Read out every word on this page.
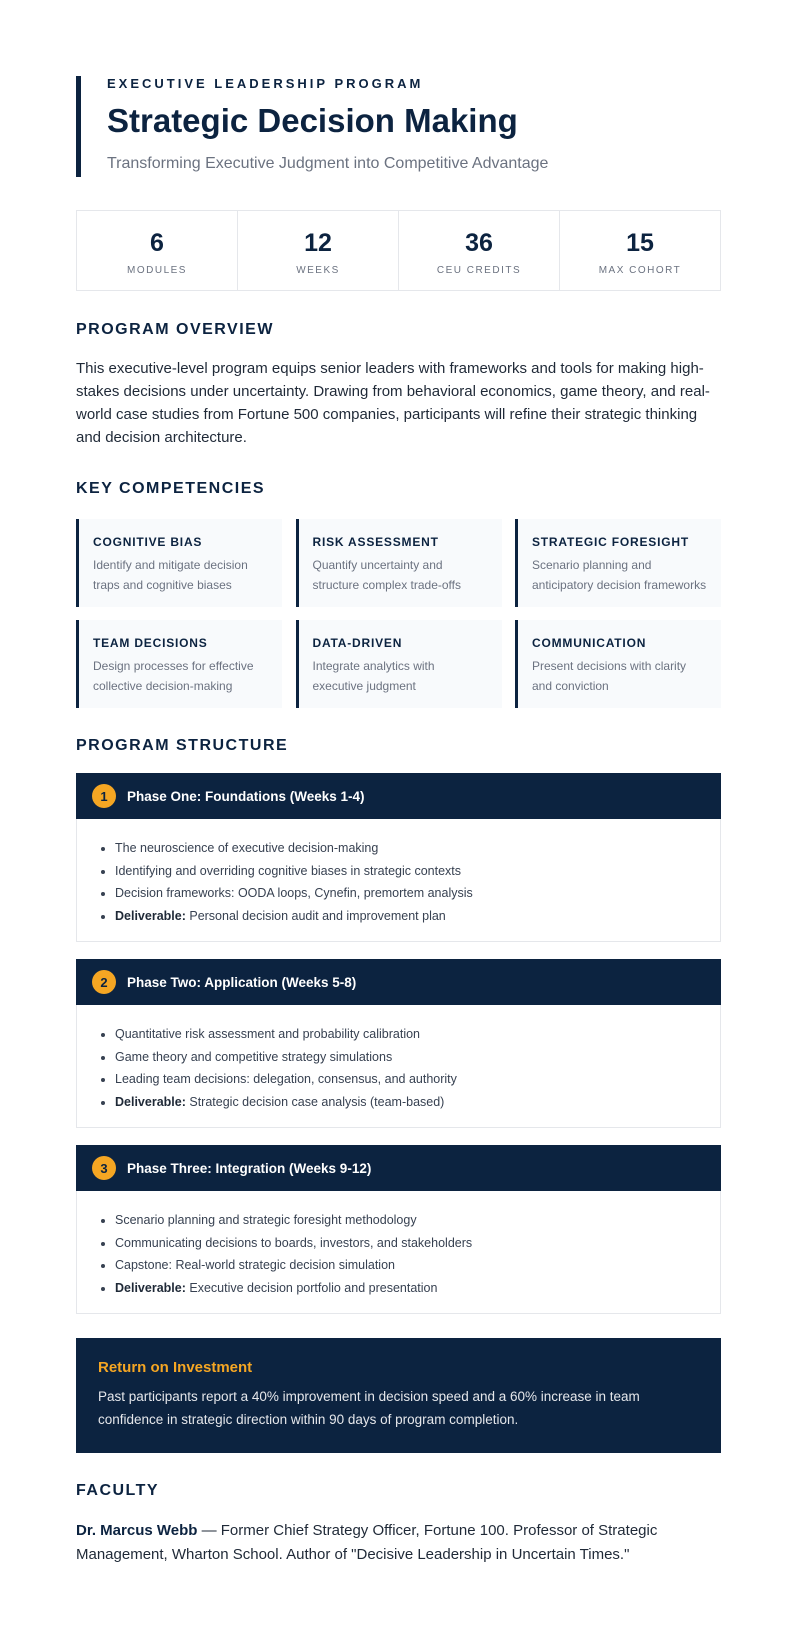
EXECUTIVE LEADERSHIP PROGRAM
Strategic Decision Making
Transforming Executive Judgment into Competitive Advantage
6
MODULES
12
WEEKS
36
CEU CREDITS
15
MAX COHORT
PROGRAM OVERVIEW

This executive-level program equips senior leaders with frameworks and tools for making high-stakes decisions under uncertainty. Drawing from behavioral economics, game theory, and real-world case studies from Fortune 500 companies, participants will refine their strategic thinking and decision architecture.

KEY COMPETENCIES
COGNITIVE BIAS
Identify and mitigate decision traps and cognitive biases
RISK ASSESSMENT
Quantify uncertainty and structure complex trade-offs
STRATEGIC FORESIGHT
Scenario planning and anticipatory decision frameworks
TEAM DECISIONS
Design processes for effective collective decision-making
DATA-DRIVEN
Integrate analytics with executive judgment
COMMUNICATION
Present decisions with clarity and conviction
PROGRAM STRUCTURE
1	Phase One: Foundations (Weeks 1-4)
• The neuroscience of executive decision-making
• Identifying and overriding cognitive biases in strategic contexts
• Decision frameworks: OODA loops, Cynefin, premortem analysis
• Deliverable: Personal decision audit and improvement plan
2	Phase Two: Application (Weeks 5-8)
• Quantitative risk assessment and probability calibration
• Game theory and competitive strategy simulations
• Leading team decisions: delegation, consensus, and authority
• Deliverable: Strategic decision case analysis (team-based)
3	Phase Three: Integration (Weeks 9-12)
• Scenario planning and strategic foresight methodology
• Communicating decisions to boards, investors, and stakeholders
• Capstone: Real-world strategic decision simulation
• Deliverable: Executive decision portfolio and presentation
Return on Investment

Past participants report a 40% improvement in decision speed and a 60% increase in team confidence in strategic direction within 90 days of program completion.

FACULTY

Dr. Marcus Webb — Former Chief Strategy Officer, Fortune 100. Professor of Strategic Management, Wharton School. Author of "Decisive Leadership in Uncertain Times."
